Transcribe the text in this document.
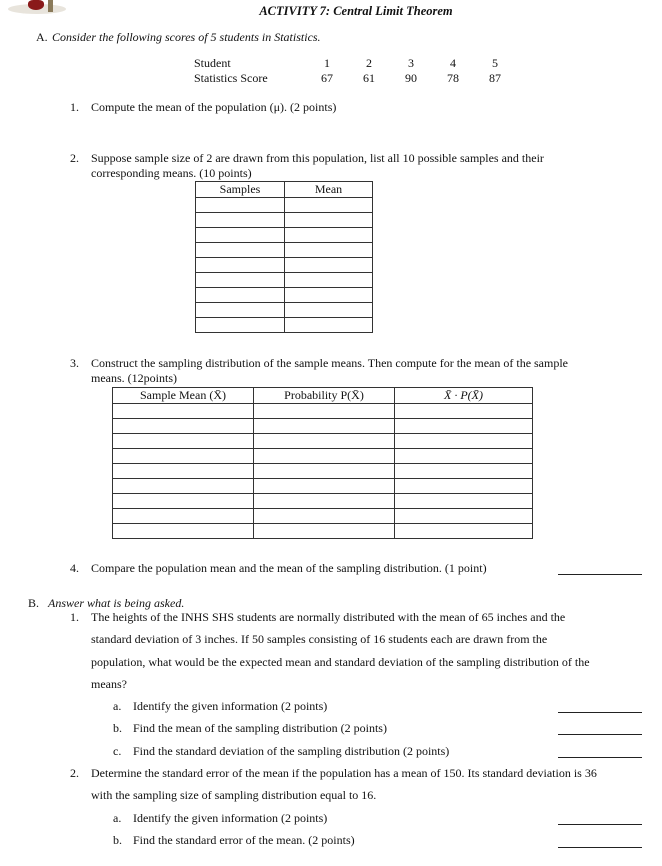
ACTIVITY 7: Central Limit Theorem
A. Consider the following scores of 5 students in Statistics.
Student	1	2	3	4	5
Statistics Score	67	61	90	78	87
1. Compute the mean of the population (μ). (2 points)
2. Suppose sample size of 2 are drawn from this population, list all 10 possible samples and their
corresponding means. (10 points)
Samples	Mean

3. Construct the sampling distribution of the sample means. Then compute for the mean of the sample
means. (12points)
Sample Mean (X̄)	Probability P(X̄)	X̄ · P(X̄)

4. Compare the population mean and the mean of the sampling distribution. (1 point)
B. Answer what is being asked.
1. The heights of the INHS SHS students are normally distributed with the mean of 65 inches and the
standard deviation of 3 inches. If 50 samples consisting of 16 students each are drawn from the
population, what would be the expected mean and standard deviation of the sampling distribution of the
means?
a. Identify the given information (2 points)
b. Find the mean of the sampling distribution (2 points)
c. Find the standard deviation of the sampling distribution (2 points)
2. Determine the standard error of the mean if the population has a mean of 150. Its standard deviation is 36
with the sampling size of sampling distribution equal to 16.
a. Identify the given information (2 points)
b. Find the standard error of the mean. (2 points)
